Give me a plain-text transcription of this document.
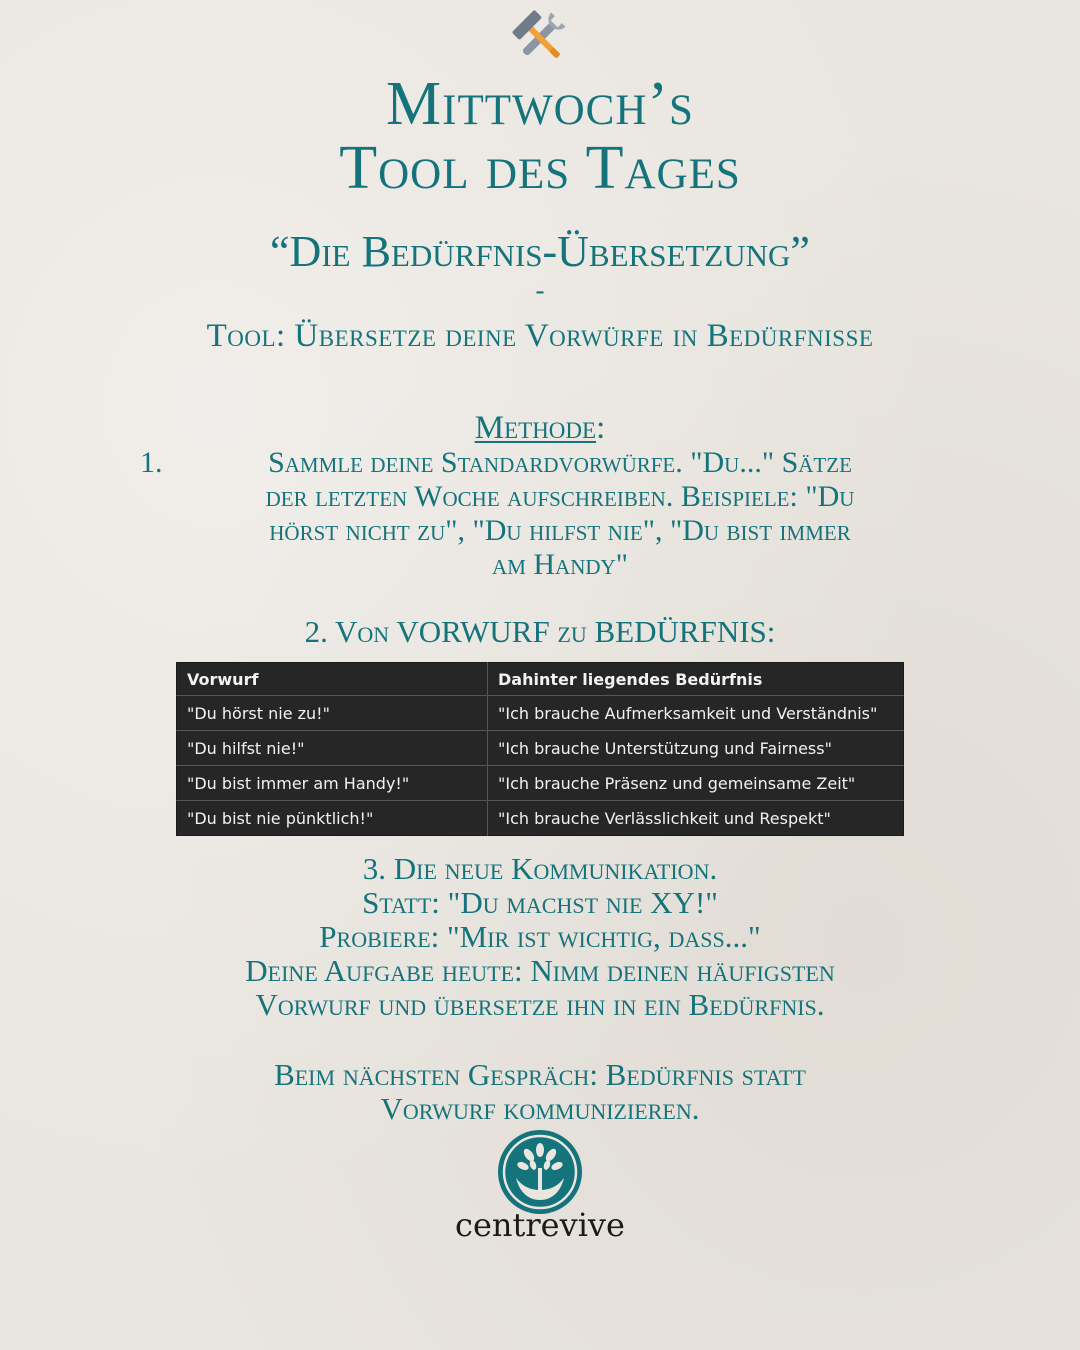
Mittwoch’s
Tool des Tages
“Die Bedürfnis-Übersetzung”
-
Tool: Übersetze deine Vorwürfe in Bedürfnisse
Methode:
1.	Sammle deine Standardvorwürfe. "Du..." Sätze
der letzten Woche aufschreiben. Beispiele: "Du
hörst nicht zu", "Du hilfst nie", "Du bist immer
am Handy"
2. Von VORWURF zu BEDÜRFNIS:
Vorwurf	Dahinter liegendes Bedürfnis
"Du hörst nie zu!"	"Ich brauche Aufmerksamkeit und Verständnis"
"Du hilfst nie!"	"Ich brauche Unterstützung und Fairness"
"Du bist immer am Handy!"	"Ich brauche Präsenz und gemeinsame Zeit"
"Du bist nie pünktlich!"	"Ich brauche Verlässlichkeit und Respekt"
3. Die neue Kommunikation.
Statt: "Du machst nie XY!"
Probiere: "Mir ist wichtig, dass..."
Deine Aufgabe heute: Nimm deinen häufigsten
Vorwurf und übersetze ihn in ein Bedürfnis.
Beim nächsten Gespräch: Bedürfnis statt
Vorwurf kommunizieren.
centrevive
